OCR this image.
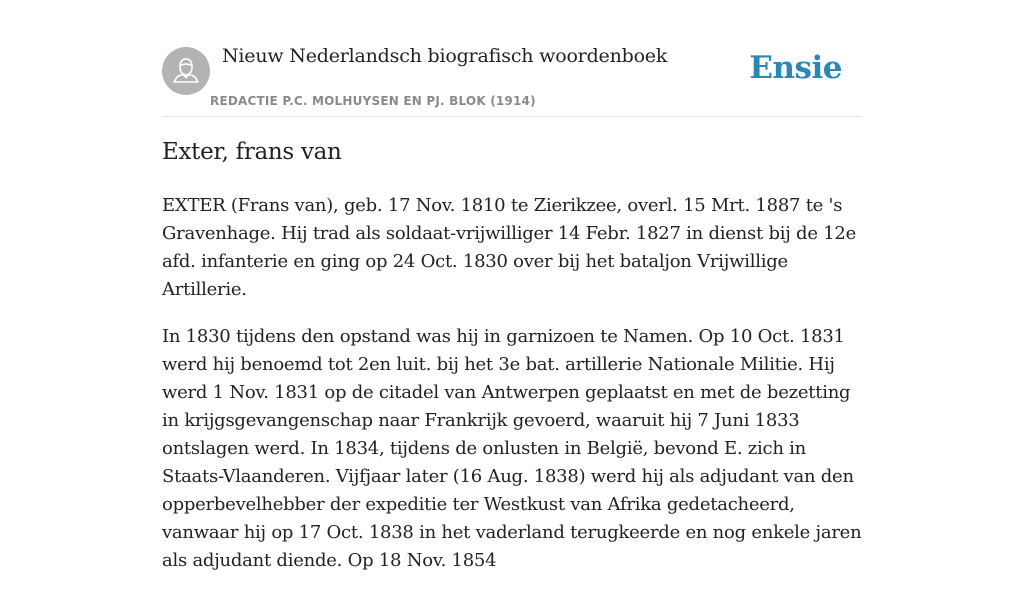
Nieuw Nederlandsch biografisch woordenboek
REDACTIE P.C. MOLHUYSEN EN PJ. BLOK (1914)
Ensie
Exter, frans van

EXTER (Frans van), geb. 17 Nov. 1810 te Zierikzee, overl. 15 Mrt. 1887 te 's Gravenhage. Hij trad als soldaat-vrijwilliger 14 Febr. 1827 in dienst bij de 12e afd. infanterie en ging op 24 Oct. 1830 over bij het bataljon Vrijwillige Artillerie.

In 1830 tijdens den opstand was hij in garnizoen te Namen. Op 10 Oct. 1831 werd hij benoemd tot 2en luit. bij het 3e bat. artillerie Nationale Militie. Hij werd 1 Nov. 1831 op de citadel van Antwerpen geplaatst en met de bezetting in krijgsgevangenschap naar Frankrijk gevoerd, waaruit hij 7 Juni 1833 ontslagen werd. In 1834, tijdens de onlusten in België, bevond E. zich in Staats-Vlaanderen. Vijfjaar later (16 Aug. 1838) werd hij als adjudant van den opperbevelhebber der expeditie ter Westkust van Afrika gedetacheerd, vanwaar hij op 17 Oct. 1838 in het vaderland terugkeerde en nog enkele jaren als adjudant diende. Op 18 Nov. 1854
